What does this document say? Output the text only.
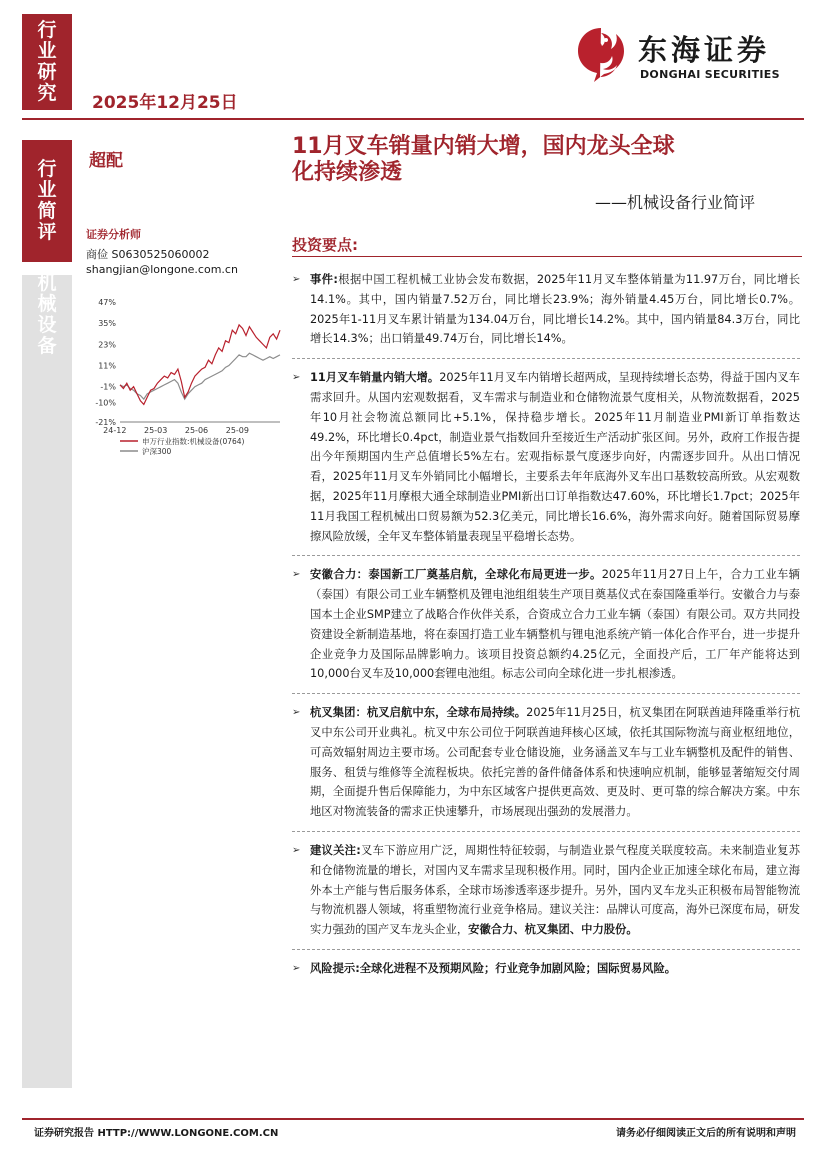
行
业
研
究
行
业
简
评
机
械
设
备
2025年12月25日
东海证券
DONGHAI SECURITIES
超配
11月叉车销量内销大增，国内龙头全球
化持续渗透
——机械设备行业简评
证券分析师
商俭 S0630525060002
shangjian@longone.com.cn
47%
35%
23%
11%
-1%
-10%
-21%
24-12 25-03 25-06 25-09
申万行业指数:机械设备(0764)
沪深300
投资要点:
➢ 事件:根据中国工程机械工业协会发布数据，2025年11月叉车整体销量为11.97万台，同比增长14.1%。其中，国内销量7.52万台，同比增长23.9%；海外销量4.45万台，同比增长0.7%。2025年1-11月叉车累计销量为134.04万台，同比增长14.2%。其中，国内销量84.3万台，同比增长14.3%；出口销量49.74万台，同比增长14%。
➢ 11月叉车销量内销大增。2025年11月叉车内销增长超两成，呈现持续增长态势，得益于国内叉车需求回升。从国内宏观数据看，叉车需求与制造业和仓储物流景气度相关，从物流数据看，2025年10月社会物流总额同比+5.1%，保持稳步增长。2025年11月制造业PMI新订单指数达49.2%，环比增长0.4pct，制造业景气指数回升至接近生产活动扩张区间。另外，政府工作报告提出今年预期国内生产总值增长5%左右。宏观指标景气度逐步向好，内需逐步回升。从出口情况看，2025年11月叉车外销同比小幅增长，主要系去年年底海外叉车出口基数较高所致。从宏观数据，2025年11月摩根大通全球制造业PMI新出口订单指数达47.60%，环比增长1.7pct；2025年11月我国工程机械出口贸易额为52.3亿美元，同比增长16.6%，海外需求向好。随着国际贸易摩擦风险放缓，全年叉车整体销量表现呈平稳增长态势。
➢ 安徽合力：泰国新工厂奠基启航，全球化布局更进一步。2025年11月27日上午，合力工业车辆（泰国）有限公司工业车辆整机及锂电池组组装生产项目奠基仪式在泰国隆重举行。安徽合力与泰国本土企业SMP建立了战略合作伙伴关系，合资成立合力工业车辆（泰国）有限公司。双方共同投资建设全新制造基地，将在泰国打造工业车辆整机与锂电池系统产销一体化合作平台，进一步提升企业竞争力及国际品牌影响力。该项目投资总额约4.25亿元，全面投产后，工厂年产能将达到10,000台叉车及10,000套锂电池组。标志公司向全球化进一步扎根渗透。
➢ 杭叉集团：杭叉启航中东，全球布局持续。2025年11月25日，杭叉集团在阿联酋迪拜隆重举行杭叉中东公司开业典礼。杭叉中东公司位于阿联酋迪拜核心区域，依托其国际物流与商业枢纽地位，可高效辐射周边主要市场。公司配套专业仓储设施，业务涵盖叉车与工业车辆整机及配件的销售、服务、租赁与维修等全流程板块。依托完善的备件储备体系和快速响应机制，能够显著缩短交付周期，全面提升售后保障能力，为中东区域客户提供更高效、更及时、更可靠的综合解决方案。中东地区对物流装备的需求正快速攀升，市场展现出强劲的发展潜力。
➢ 建议关注:叉车下游应用广泛，周期性特征较弱，与制造业景气程度关联度较高。未来制造业复苏和仓储物流量的增长，对国内叉车需求呈现积极作用。同时，国内企业正加速全球化布局，建立海外本土产能与售后服务体系，全球市场渗透率逐步提升。另外，国内叉车龙头正积极布局智能物流与物流机器人领域，将重塑物流行业竞争格局。建议关注：品牌认可度高，海外已深度布局，研发实力强劲的国产叉车龙头企业，安徽合力、杭叉集团、中力股份。
➢ 风险提示:全球化进程不及预期风险；行业竞争加剧风险；国际贸易风险。
证券研究报告 HTTP://WWW.LONGONE.COM.CN	请务必仔细阅读正文后的所有说明和声明
